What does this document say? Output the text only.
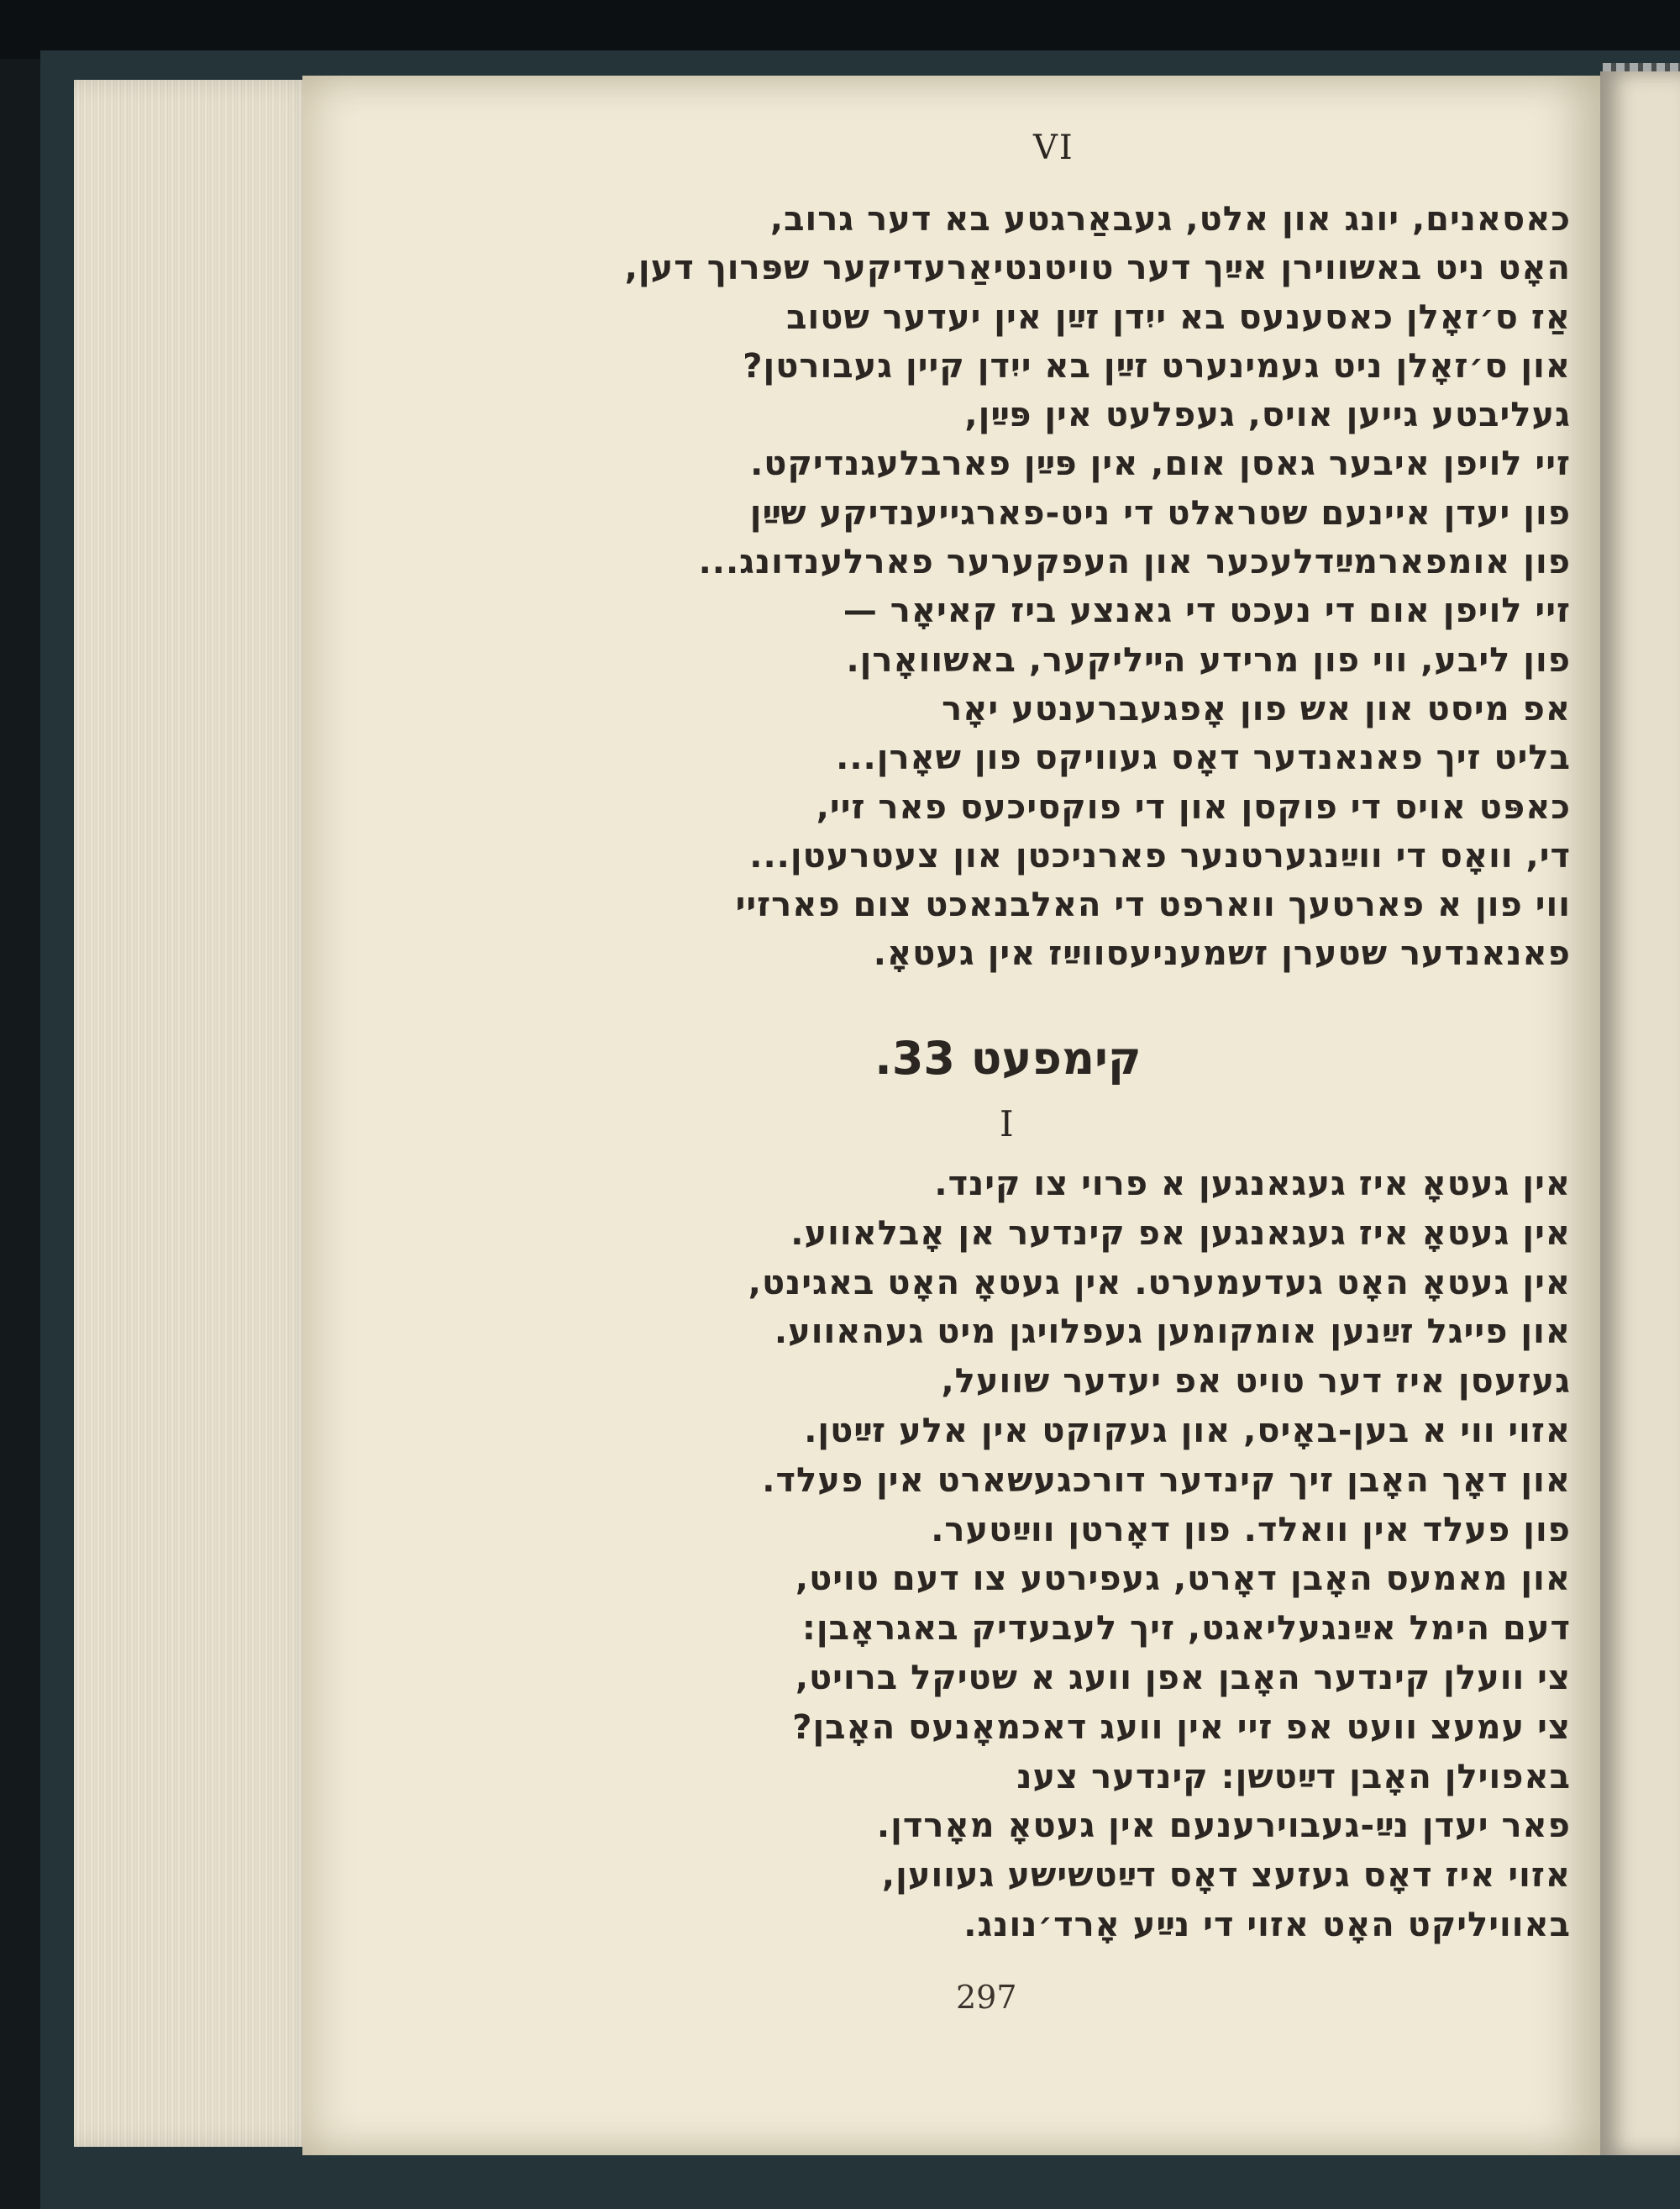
VI
כאסאנים, יונג און אלט, געבאַרגטע בא דער גרוב,
האָט ניט באשווירן אײַך דער טויטנטיאַרעדיקער שפּרוך דען,
אַז ס׳זאָלן כאסענעס בא ייִדן זײַן אין יעדער שטוב
און ס׳זאָלן ניט געמינערט זײַן בא ייִדן קיין געבורטן?
געליבטע גייען אויס, געפלעט אין פּײַן,
זיי לויפן איבער גאסן אום, אין פּײַן פארבלעגנדיקט.
פון יעדן איינעם שטראלט די ניט-פארגייענדיקע שײַן
פון אומפארמײַדלעכער און העפקערער פארלענדונג...
זיי לויפן אום די נעכט די גאנצע ביז קאיאָר —
פון ליבע, ווי פון מרידע הײליקער, באשוואָרן.
אפ מיסט און אש פון אָפגעברענטע יאָר
בליט זיך פאנאנדער דאָס געוויקס פון שאָרן...
כאפּט אויס די פוקסן און די פוקסיכעס פאר זיי,
די, וואָס די ווײַנגערטנער פארניכטן און צעטרעטן...
ווי פון א פארטעך ווארפט די האלבנאכט צום פארזיי
פאנאנדער שטערן זשמעניעסווײַז אין געטאָ.
קימפעט 33.
I
אין געטאָ איז געגאנגען א פרוי צו קינד.
אין געטאָ איז געגאנגען אפ קינדער אן אָבלאווע.
אין געטאָ האָט געדעמערט. אין געטאָ האָט באגינט,
און פייגל זײַנען אומקומען געפלויגן מיט געהאווע.
געזעסן איז דער טויט אפ יעדער שוועל,
אזוי ווי א בען-באָיס, און געקוקט אין אלע זײַטן.
און דאָך האָבן זיך קינדער דורכגעשארט אין פעלד.
פון פעלד אין וואלד. פון דאָרטן ווײַטער.
און מאמעס האָבן דאָרט, געפירטע צו דעם טויט,
דעם הימל אײַנגעליאגט, זיך לעבעדיק באגראָבן:
צי וועלן קינדער האָבן אפן וועג א שטיקל ברויט,
צי עמעצ וועט אפ זיי אין וועג דאכמאָנעס האָבן?
באפוילן האָבן דײַטשן: קינדער צענ
פאר יעדן נײַ-געבוירענעם אין געטאָ מאָרדן.
אזוי איז דאָס געזעצ דאָס דײַטשישע געווען,
באוויליקט האָט אזוי די נײַע אָרד׳נונג.
297
